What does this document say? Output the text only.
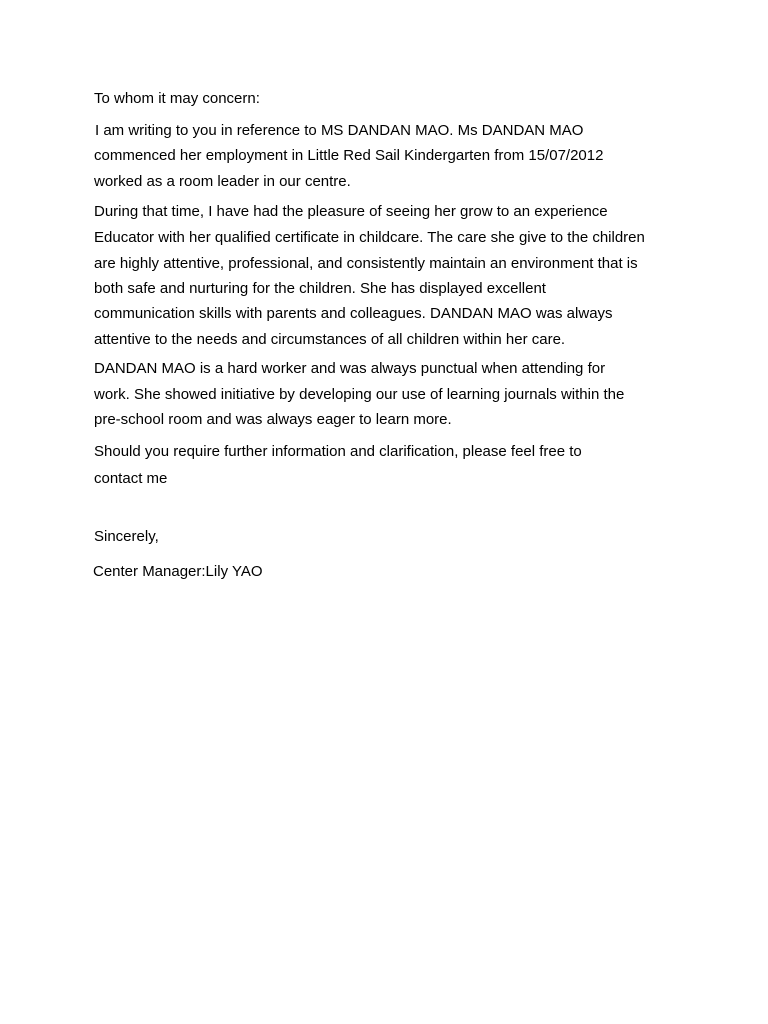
To whom it may concern:
I am writing to you in reference to MS DANDAN MAO. Ms DANDAN MAO
commenced her employment in Little Red Sail Kindergarten from 15/07/2012
worked as a room leader in our centre.
During that time, I have had the pleasure of seeing her grow to an experience
Educator with her qualified certificate in childcare. The care she give to the children
are highly attentive, professional, and consistently maintain an environment that is
both safe and nurturing for the children. She has displayed excellent
communication skills with parents and colleagues. DANDAN MAO was always
attentive to the needs and circumstances of all children within her care.
DANDAN MAO is a hard worker and was always punctual when attending for
work. She showed initiative by developing our use of learning journals within the
pre-school room and was always eager to learn more.
Should you require further information and clarification, please feel free to
contact me
Sincerely,
Center Manager:Lily YAO
